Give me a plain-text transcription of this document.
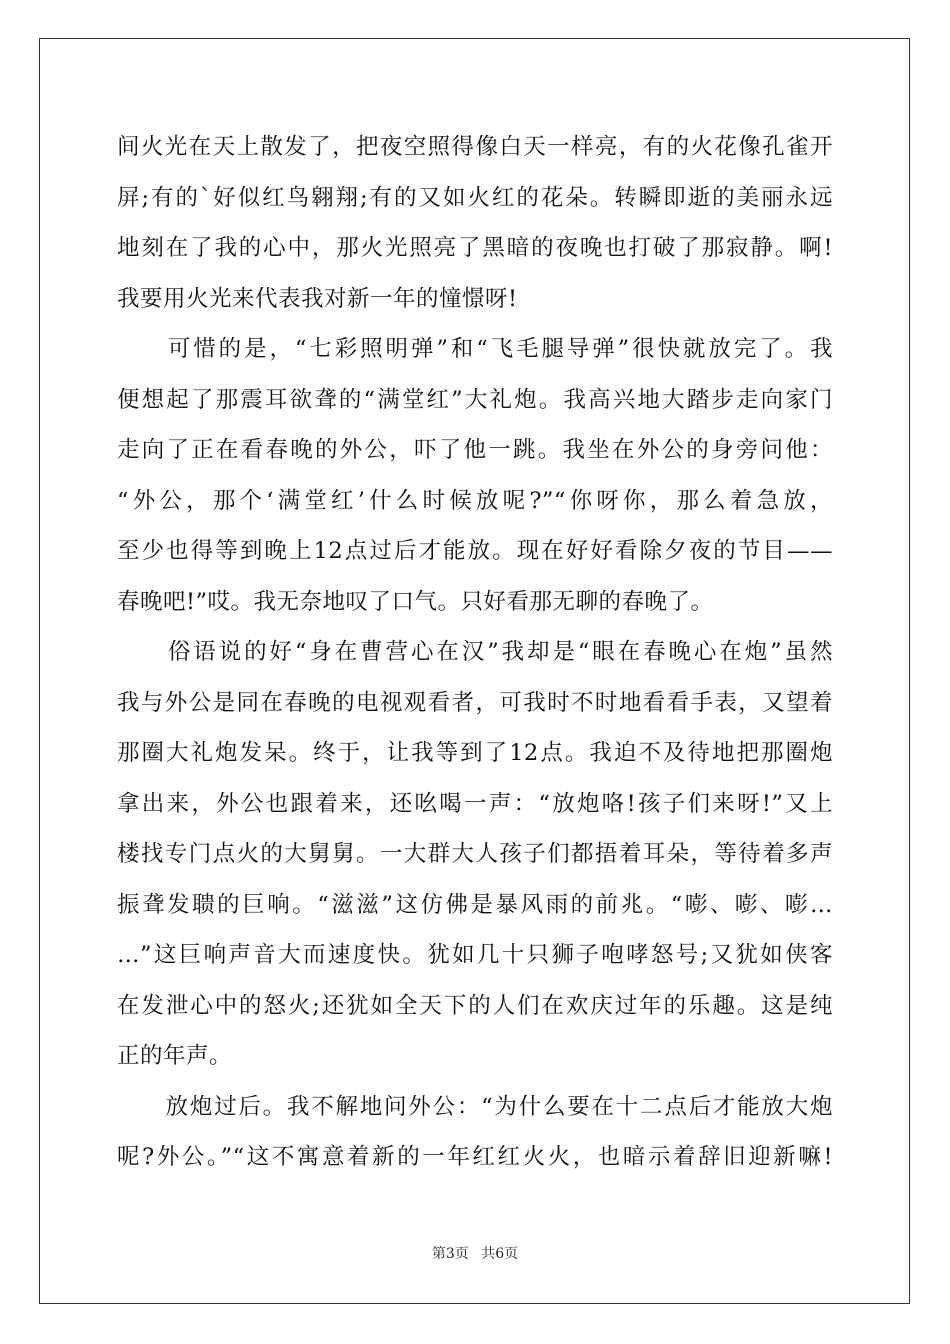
间火光在天上散发了，把夜空照得像白天一样亮，有的火花像孔雀开
屏;有的`好似红鸟翱翔;有的又如火红的花朵。转瞬即逝的美丽永远
地刻在了我的心中，那火光照亮了黑暗的夜晚也打破了那寂静。啊!
我要用火光来代表我对新一年的憧憬呀!

　　可惜的是，“七彩照明弹”和“飞毛腿导弹”很快就放完了。我
便想起了那震耳欲聋的“满堂红”大礼炮。我高兴地大踏步走向家门
走向了正在看春晚的外公，吓了他一跳。我坐在外公的身旁问他：
“外公，那个‘满堂红’什么时候放呢?”“你呀你，那么着急放，
至少也得等到晚上12点过后才能放。现在好好看除夕夜的节目——
春晚吧!”哎。我无奈地叹了口气。只好看那无聊的春晚了。

　　俗语说的好“身在曹营心在汉”我却是“眼在春晚心在炮”虽然
我与外公是同在春晚的电视观看者，可我时不时地看看手表，又望着
那圈大礼炮发呆。终于，让我等到了12点。我迫不及待地把那圈炮
拿出来，外公也跟着来，还吆喝一声：“放炮咯!孩子们来呀!”又上
楼找专门点火的大舅舅。一大群大人孩子们都捂着耳朵，等待着多声
振聋发聩的巨响。“滋滋”这仿佛是暴风雨的前兆。“嘭、嘭、嘭…
…”这巨响声音大而速度快。犹如几十只狮子咆哮怒号;又犹如侠客
在发泄心中的怒火;还犹如全天下的人们在欢庆过年的乐趣。这是纯
正的年声。

　　放炮过后。我不解地问外公：“为什么要在十二点后才能放大炮
呢?外公。”“这不寓意着新的一年红红火火，也暗示着辞旧迎新嘛!

第3页 共6页
